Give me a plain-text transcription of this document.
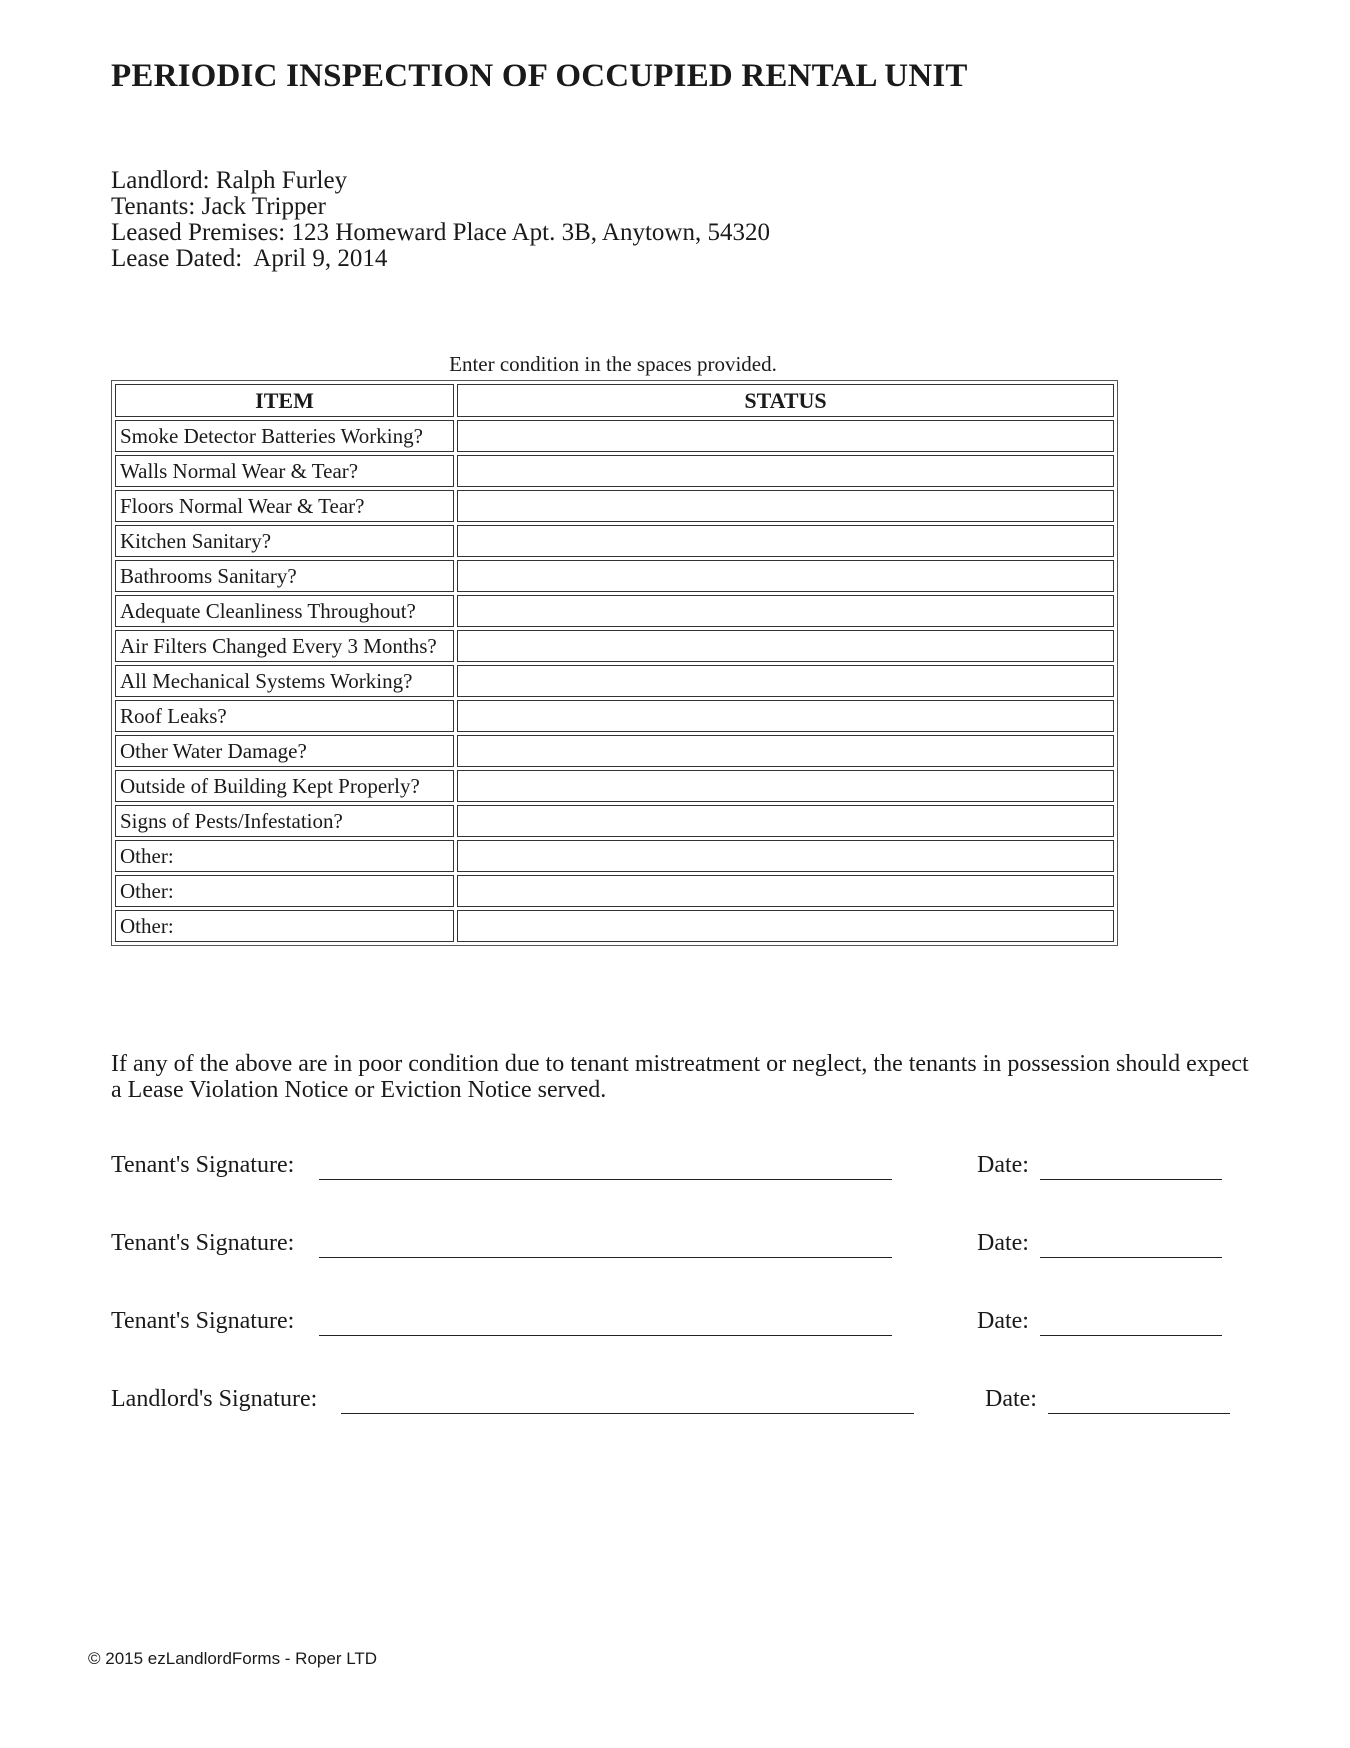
PERIODIC INSPECTION OF OCCUPIED RENTAL UNIT
Landlord: Ralph Furley
Tenants: Jack Tripper
Leased Premises: 123 Homeward Place Apt. 3B, Anytown, 54320
Lease Dated:  April 9, 2014
Enter condition in the spaces provided.
ITEM	STATUS
Smoke Detector Batteries Working?	
Walls Normal Wear & Tear?	
Floors Normal Wear & Tear?	
Kitchen Sanitary?	
Bathrooms Sanitary?	
Adequate Cleanliness Throughout?	
Air Filters Changed Every 3 Months?	
All Mechanical Systems Working?	
Roof Leaks?	
Other Water Damage?	
Outside of Building Kept Properly?	
Signs of Pests/Infestation?	
Other:	
Other:	
Other:	
If any of the above are in poor condition due to tenant mistreatment or neglect, the tenants in possession should expect a Lease Violation Notice or Eviction Notice served.
Tenant's Signature:	Date:
Tenant's Signature:	Date:
Tenant's Signature:	Date:
Landlord's Signature:	Date:
© 2015 ezLandlordForms - Roper LTD
